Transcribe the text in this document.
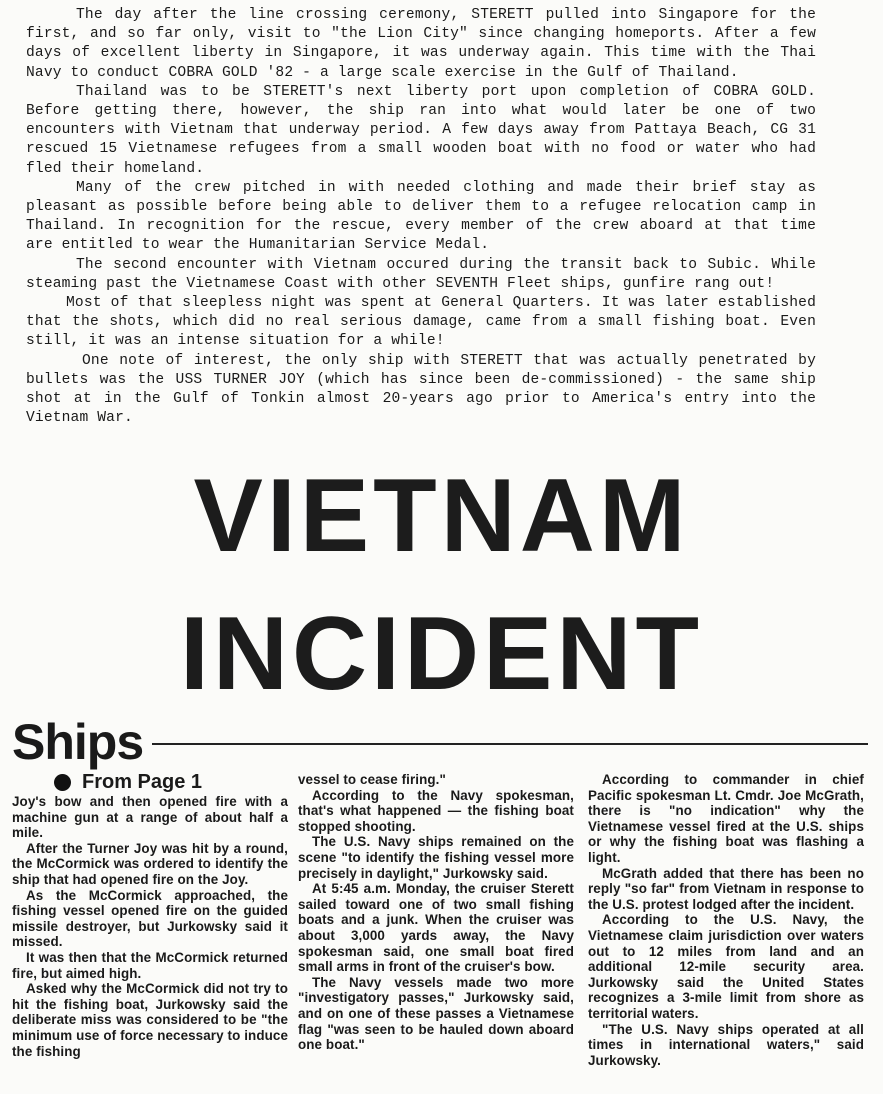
The day after the line crossing ceremony, STERETT pulled into Singapore for the first, and so far only, visit to "the Lion City" since changing homeports. After a few days of excellent liberty in Singapore, it was underway again. This time with the Thai Navy to conduct COBRA GOLD '82 - a large scale exercise in the Gulf of Thailand.

Thailand was to be STERETT's next liberty port upon completion of COBRA GOLD. Before getting there, however, the ship ran into what would later be one of two encounters with Vietnam that underway period. A few days away from Pattaya Beach, CG 31 rescued 15 Vietnamese refugees from a small wooden boat with no food or water who had fled their homeland.

Many of the crew pitched in with needed clothing and made their brief stay as pleasant as possible before being able to deliver them to a refugee relocation camp in Thailand. In recognition for the rescue, every member of the crew aboard at that time are entitled to wear the Humanitarian Service Medal.

The second encounter with Vietnam occured during the transit back to Subic. While steaming past the Vietnamese Coast with other SEVENTH Fleet ships, gunfire rang out!

Most of that sleepless night was spent at General Quarters. It was later established that the shots, which did no real serious damage, came from a small fishing boat. Even still, it was an intense situation for a while!

One note of interest, the only ship with STERETT that was actually penetrated by bullets was the USS TURNER JOY (which has since been de-commissioned) - the same ship shot at in the Gulf of Tonkin almost 20-years ago prior to America's entry into the Vietnam War.

VIETNAM
INCIDENT
Ships
From Page 1

Joy's bow and then opened fire with a machine gun at a range of about half a mile.

After the Turner Joy was hit by a round, the McCormick was ordered to identify the ship that had opened fire on the Joy.

As the McCormick approached, the fishing vessel opened fire on the guided missile destroyer, but Jurkowsky said it missed.

It was then that the McCormick returned fire, but aimed high.

Asked why the McCormick did not try to hit the fishing boat, Jurkowsky said the deliberate miss was considered to be "the minimum use of force necessary to induce the fishing

vessel to cease firing."

According to the Navy spokesman, that's what happened — the fishing boat stopped shooting.

The U.S. Navy ships remained on the scene "to identify the fishing vessel more precisely in daylight," Jurkowsky said.

At 5:45 a.m. Monday, the cruiser Sterett sailed toward one of two small fishing boats and a junk. When the cruiser was about 3,000 yards away, the Navy spokesman said, one small boat fired small arms in front of the cruiser's bow.

The Navy vessels made two more "investigatory passes," Jurkowsky said, and on one of these passes a Vietnamese flag "was seen to be hauled down aboard one boat."

According to commander in chief Pacific spokesman Lt. Cmdr. Joe McGrath, there is "no indication" why the Vietnamese vessel fired at the U.S. ships or why the fishing boat was flashing a light.

McGrath added that there has been no reply "so far" from Vietnam in response to the U.S. protest lodged after the incident.

According to the U.S. Navy, the Vietnamese claim jurisdiction over waters out to 12 miles from land and an additional 12-mile security area. Jurkowsky said the United States recognizes a 3-mile limit from shore as territorial waters.

"The U.S. Navy ships operated at all times in international waters," said Jurkowsky.
